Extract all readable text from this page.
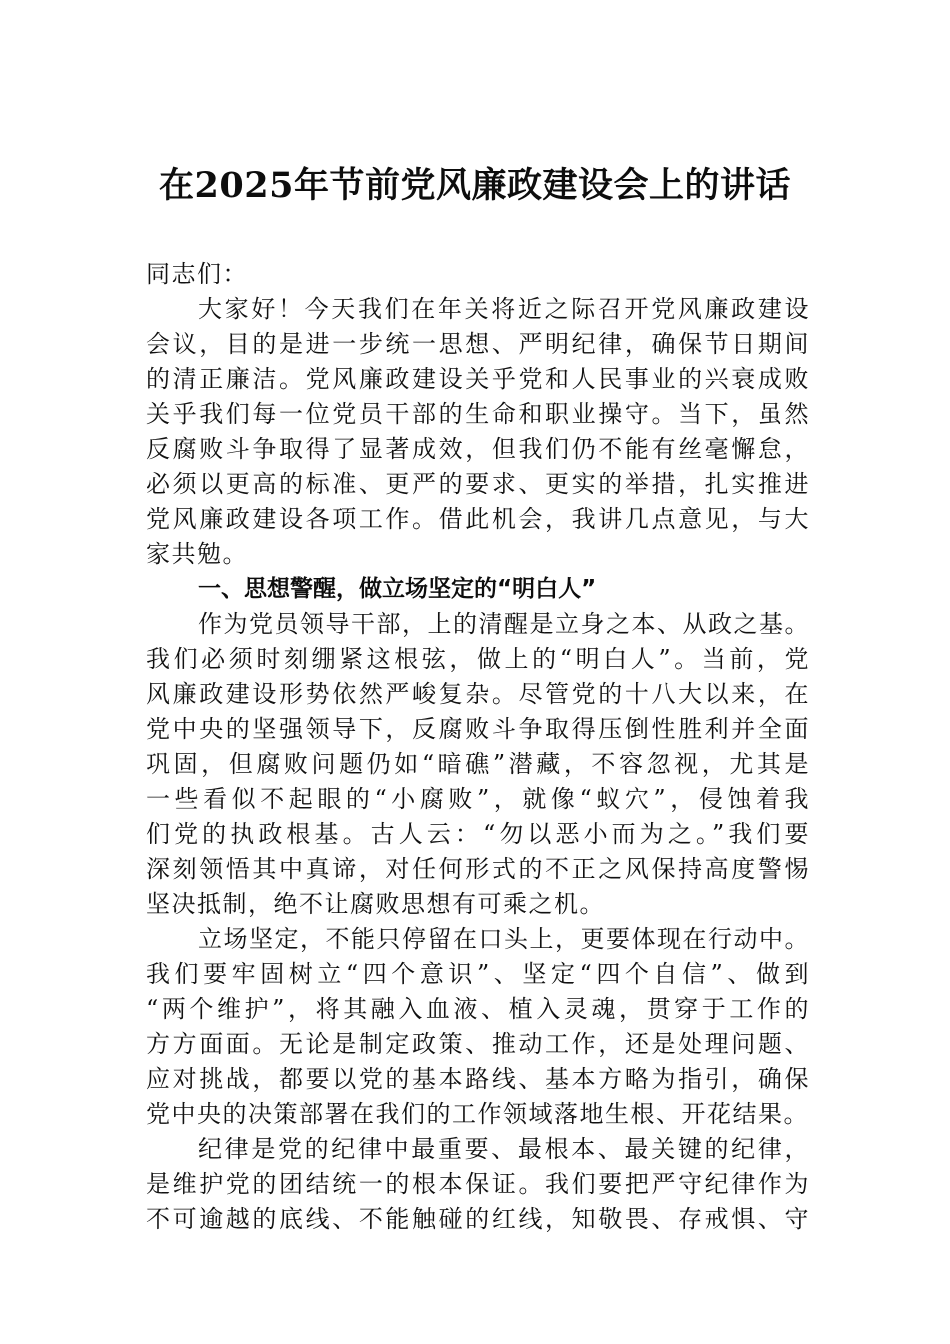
在2025年节前党风廉政建设会上的讲话
同志们：
大家好！今天我们在年关将近之际召开党风廉政建设
会议，目的是进一步统一思想、严明纪律，确保节日期间
的清正廉洁。党风廉政建设关乎党和人民事业的兴衰成败
关乎我们每一位党员干部的生命和职业操守。当下，虽然
反腐败斗争取得了显著成效，但我们仍不能有丝毫懈怠，
必须以更高的标准、更严的要求、更实的举措，扎实推进
党风廉政建设各项工作。借此机会，我讲几点意见，与大
家共勉。
一、思想警醒，做立场坚定的“明白人”
作为党员领导干部，上的清醒是立身之本、从政之基。
我们必须时刻绷紧这根弦，做上的“明白人”。当前，党
风廉政建设形势依然严峻复杂。尽管党的十八大以来，在
党中央的坚强领导下，反腐败斗争取得压倒性胜利并全面
巩固，但腐败问题仍如“暗礁”潜藏，不容忽视，尤其是
一些看似不起眼的“小腐败”，就像“蚁穴”，侵蚀着我
们党的执政根基。古人云：“勿以恶小而为之。”我们要
深刻领悟其中真谛，对任何形式的不正之风保持高度警惕
坚决抵制，绝不让腐败思想有可乘之机。
立场坚定，不能只停留在口头上，更要体现在行动中。
我们要牢固树立“四个意识”、坚定“四个自信”、做到
“两个维护”，将其融入血液、植入灵魂，贯穿于工作的
方方面面。无论是制定政策、推动工作，还是处理问题、
应对挑战，都要以党的基本路线、基本方略为指引，确保
党中央的决策部署在我们的工作领域落地生根、开花结果。
纪律是党的纪律中最重要、最根本、最关键的纪律，
是维护党的团结统一的根本保证。我们要把严守纪律作为
不可逾越的底线、不能触碰的红线，知敬畏、存戒惧、守
